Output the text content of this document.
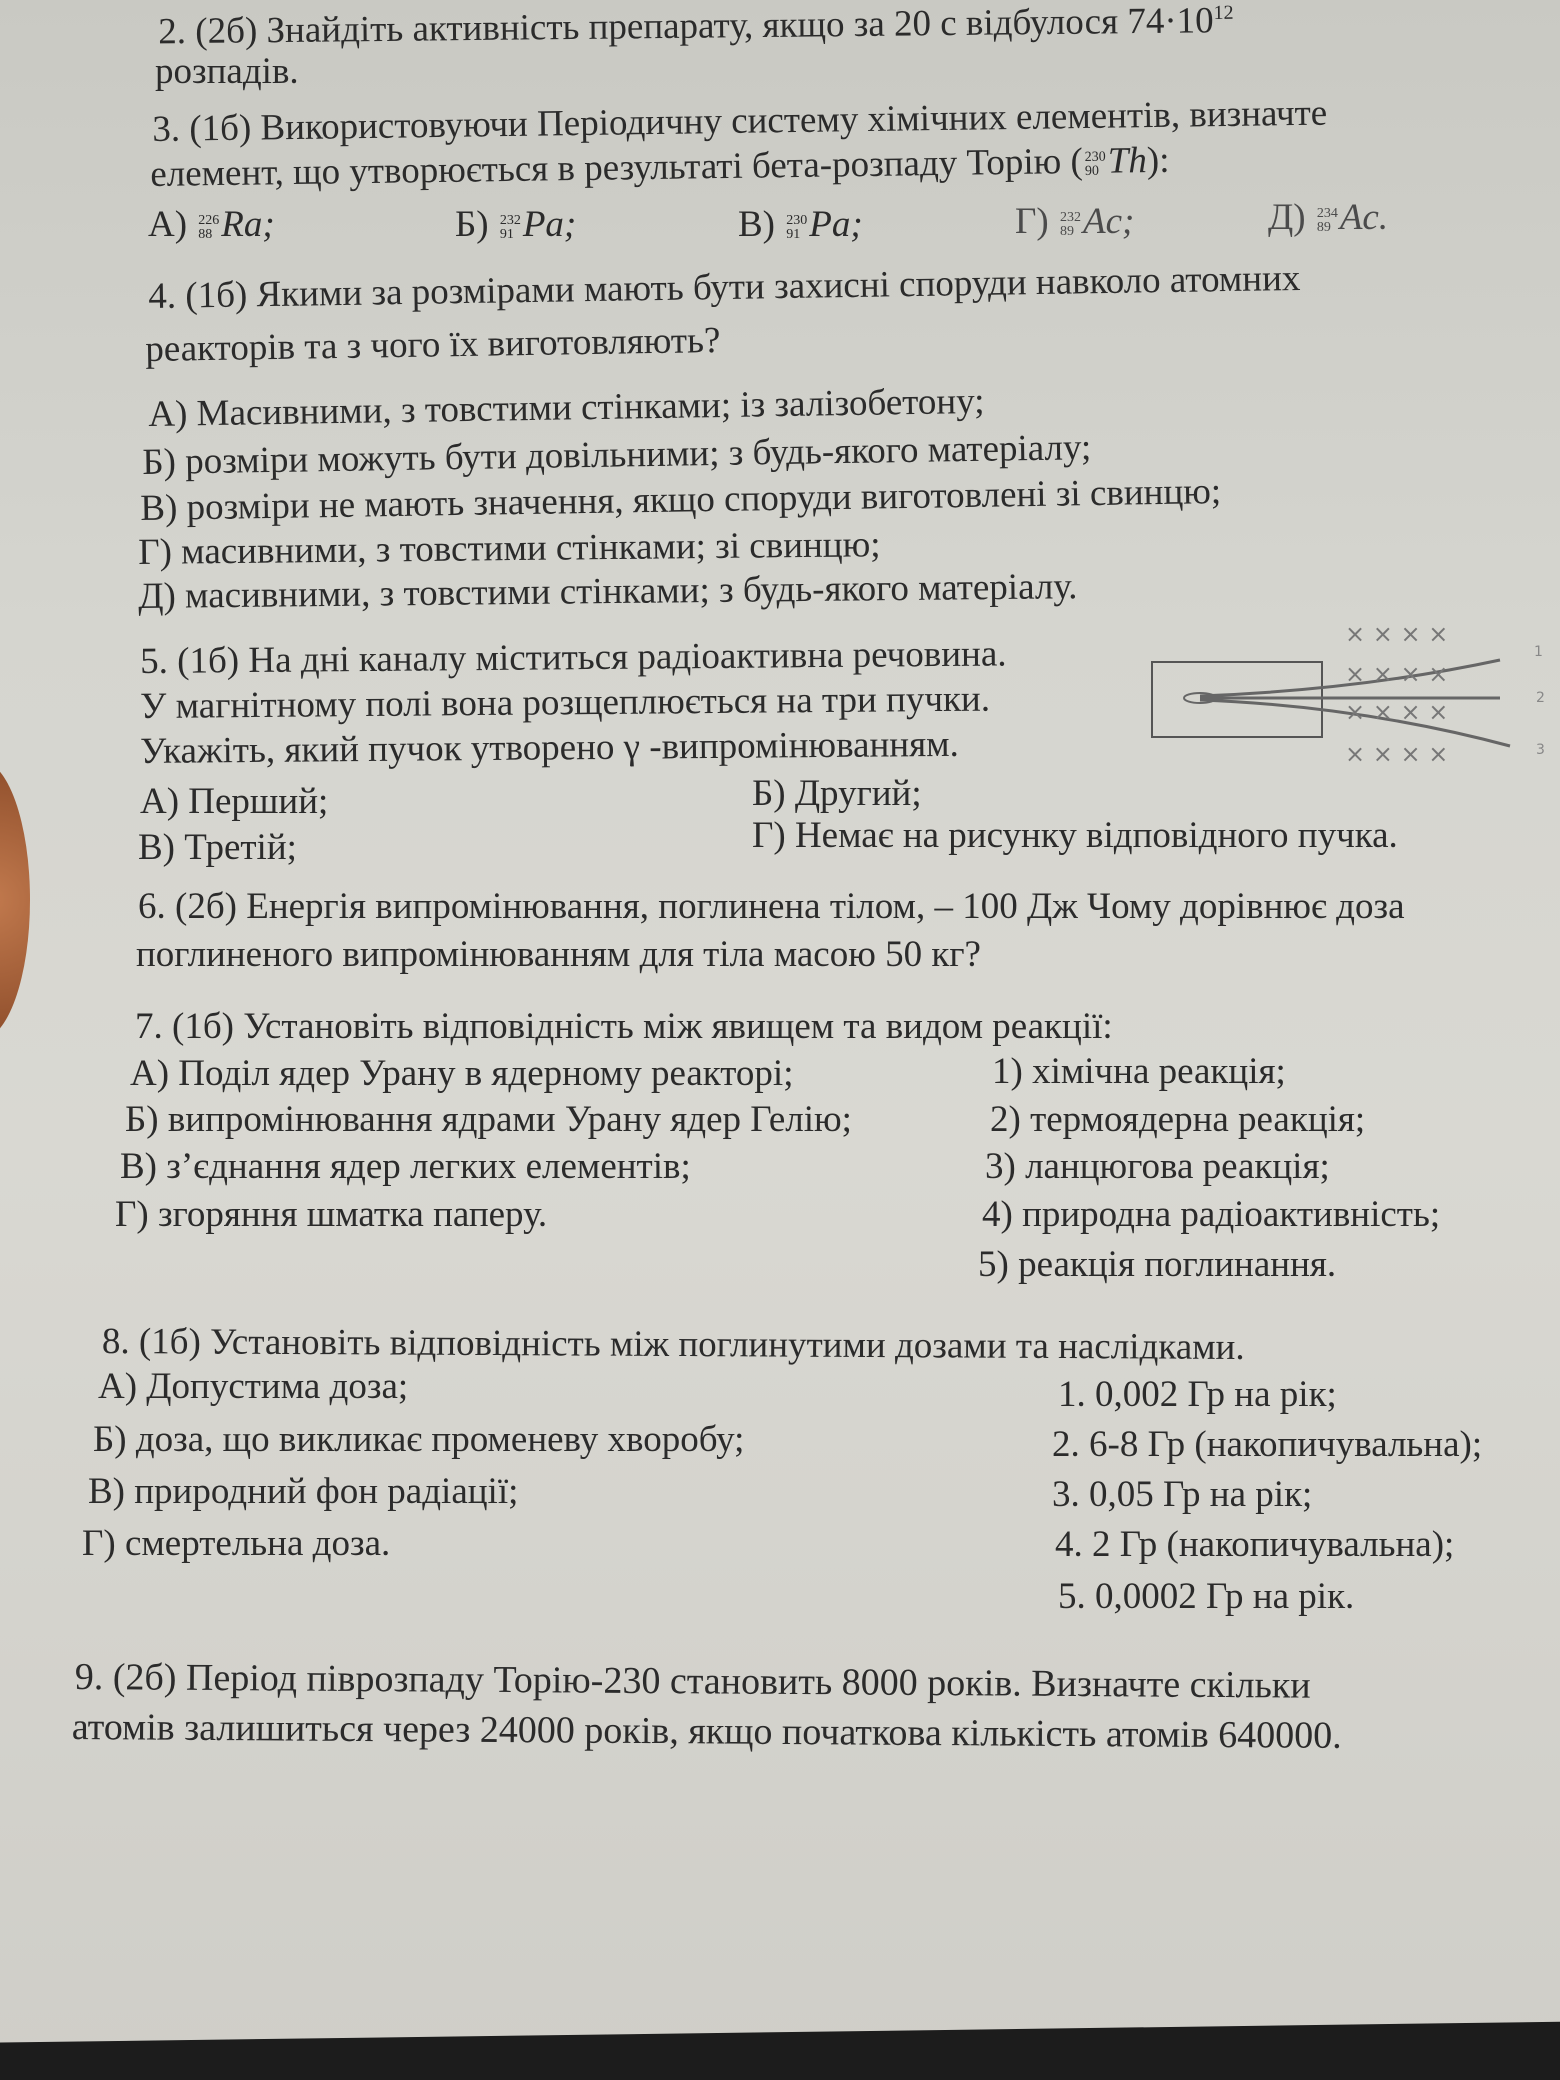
2. (2б) Знайдіть активність препарату, якщо за 20 с відбулося $74\cdot 10^{12}$
розпадів.
3. (1б) Використовуючи Періодичну систему хімічних елементів, визначте
елемент, що утворюється в результаті бета-розпаду Торію ( 230
90 Th):
А) 226
88 Ra;	Б) 232
91 Pa;	В) 230
91 Pa;	Г) 232
89 Ac;	Д) 234
89 Ac.
4. (1б) Якими за розмірами мають бути захисні споруди навколо атомних
реакторів та з чого їх виготовляють?
А) Масивними, з товстими стінками; із залізобетону;
Б) розміри можуть бути довільними; з будь-якого матеріалу;
В) розміри не мають значення, якщо споруди виготовлені зі свинцю;
Г) масивними, з товстими стінками; зі свинцю;
Д) масивними, з товстими стінками; з будь-якого матеріалу.
5. (1б) На дні каналу міститься радіоактивна речовина.
У магнітному полі вона розщеплюється на три пучки.
Укажіть, який пучок утворено γ -випромінюванням.
А) Перший;	Б) Другий;
В) Третій;	Г) Немає на рисунку відповідного пучка.
× × × ×
× × × ×
× × × ×
× × × ×
1
2
3
6. (2б) Енергія випромінювання, поглинена тілом, – 100 Дж Чому дорівнює доза
поглиненого випромінюванням для тіла масою 50 кг?
7. (1б) Установіть відповідність між явищем та видом реакції:
А) Поділ ядер Урану в ядерному реакторі;
Б) випромінювання ядрами Урану ядер Гелію;
В) з’єднання ядер легких елементів;
Г) згоряння шматка паперу.
1) хімічна реакція;
2) термоядерна реакція;
3) ланцюгова реакція;
4) природна радіоактивність;
5) реакція поглинання.
8. (1б) Установіть відповідність між поглинутими дозами та наслідками.
А) Допустима доза;
Б) доза, що викликає променеву хворобу;
В) природний фон радіації;
Г) смертельна доза.
1. 0,002 Гр на рік;
2. 6-8 Гр (накопичувальна);
3. 0,05 Гр на рік;
4. 2 Гр (накопичувальна);
5. 0,0002 Гр на рік.
9. (2б) Період піврозпаду Торію-230 становить 8000 років. Визначте скільки
атомів залишиться через 24000 років, якщо початкова кількість атомів 640000.
